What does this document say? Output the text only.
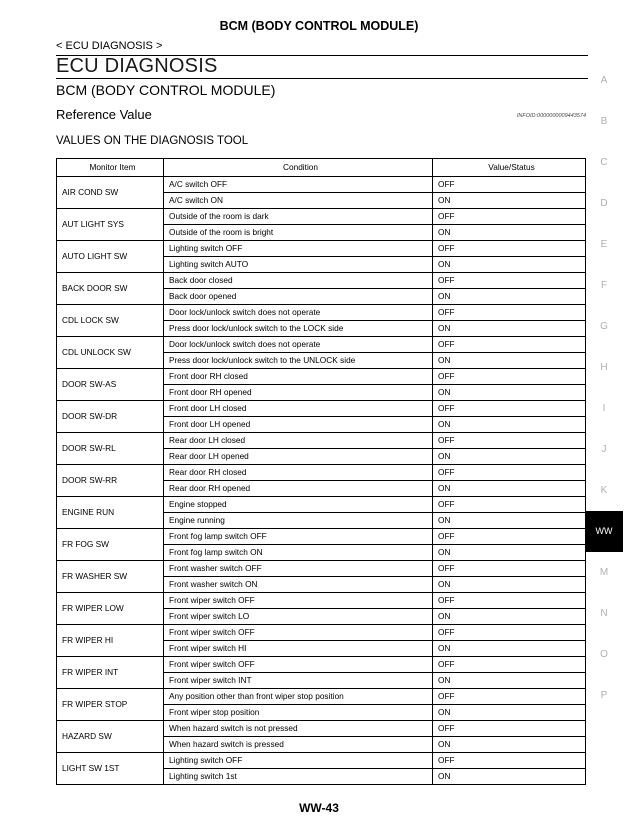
BCM (BODY CONTROL MODULE)
< ECU DIAGNOSIS >
ECU DIAGNOSIS
BCM (BODY CONTROL MODULE)
Reference Value	INFOID:0000000009443574
VALUES ON THE DIAGNOSIS TOOL
Monitor Item	Condition	Value/Status
AIR COND SW	A/C switch OFF	OFF
	A/C switch ON	ON
AUT LIGHT SYS	Outside of the room is dark	OFF
	Outside of the room is bright	ON
AUTO LIGHT SW	Lighting switch OFF	OFF
	Lighting switch AUTO	ON
BACK DOOR SW	Back door closed	OFF
	Back door opened	ON
CDL LOCK SW	Door lock/unlock switch does not operate	OFF
	Press door lock/unlock switch to the LOCK side	ON
CDL UNLOCK SW	Door lock/unlock switch does not operate	OFF
	Press door lock/unlock switch to the UNLOCK side	ON
DOOR SW-AS	Front door RH closed	OFF
	Front door RH opened	ON
DOOR SW-DR	Front door LH closed	OFF
	Front door LH opened	ON
DOOR SW-RL	Rear door LH closed	OFF
	Rear door LH opened	ON
DOOR SW-RR	Rear door RH closed	OFF
	Rear door RH opened	ON
ENGINE RUN	Engine stopped	OFF
	Engine running	ON
FR FOG SW	Front fog lamp switch OFF	OFF
	Front fog lamp switch ON	ON
FR WASHER SW	Front washer switch OFF	OFF
	Front washer switch ON	ON
FR WIPER LOW	Front wiper switch OFF	OFF
	Front wiper switch LO	ON
FR WIPER HI	Front wiper switch OFF	OFF
	Front wiper switch HI	ON
FR WIPER INT	Front wiper switch OFF	OFF
	Front wiper switch INT	ON
FR WIPER STOP	Any position other than front wiper stop position	OFF
	Front wiper stop position	ON
HAZARD SW	When hazard switch is not pressed	OFF
	When hazard switch is pressed	ON
LIGHT SW 1ST	Lighting switch OFF	OFF
	Lighting switch 1st	ON
A
B
C
D
E
F
G
H
I
J
K
WW
M
N
O
P
WW-43
